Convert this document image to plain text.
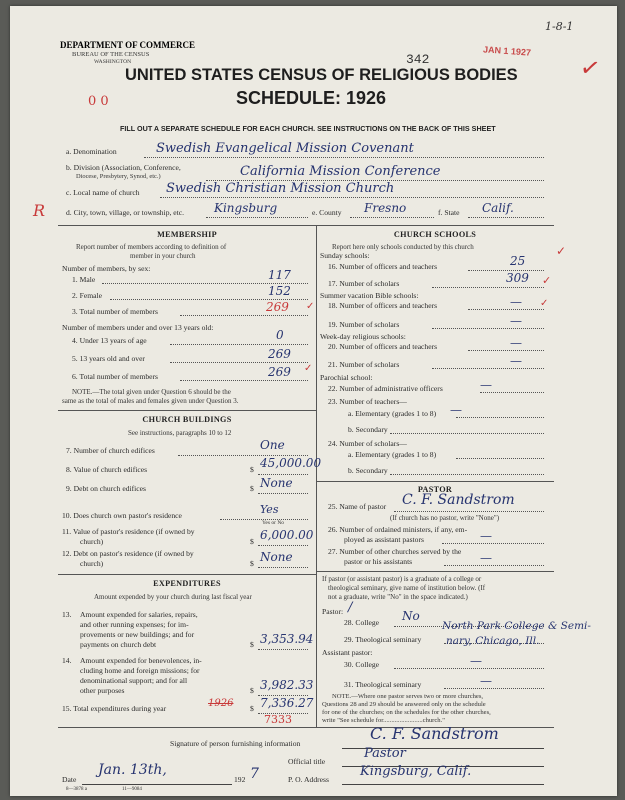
DEPARTMENT OF COMMERCE
BUREAU OF THE CENSUS
WASHINGTON	342
JAN 1 1927
1-8-1
✓
UNITED STATES CENSUS OF RELIGIOUS BODIES
SCHEDULE: 1926
0 0
FILL OUT A SEPARATE SCHEDULE FOR EACH CHURCH. SEE INSTRUCTIONS ON THE BACK OF THIS SHEET
a. Denomination	Swedish Evangelical Mission Covenant
b. Division (Association, Conference,
Diocese, Presbytery, Synod, etc.)	California Mission Conference
c. Local name of church Swedish Christian Mission Church
R	d. City, town, village, or township, etc. Kingsburg	e. County Fresno	f. State Calif.
MEMBERSHIP
Report number of members according to definition of
member in your church
Number of members, by sex:
1. Male	117
2. Female	152
3. Total number of members	269
Number of members under and over 13 years old:
4. Under 13 years of age	0
5. 13 years old and over	269
6. Total number of members	269
NOTE.—The total given under Question 6 should be the
same as the total of males and females given under Question 3.
CHURCH BUILDINGS
See instructions, paragraphs 10 to 12
7. Number of church edifices	One
8. Value of church edifices	$ 45,000.00
9. Debt on church edifices	$ None
10. Does church own pastor's residence	Yes
Yes or No
11. Value of pastor's residence (if owned by
church)	$ 6,000.00
12. Debt on pastor's residence (if owned by
church)	$ None
EXPENDITURES
Amount expended by your church during last fiscal year
13. Amount expended for salaries, repairs,
and other running expenses; for im-
provements or new buildings; and for
payments on church debt	$ 3,353.94
14. Amount expended for benevolences, in-
cluding home and foreign missions; for
denominational support; and for all
other purposes	$ 3,982.33
15. Total expenditures during year	1926 $ 7,336.27
7333
CHURCH SCHOOLS
Report here only schools conducted by this church
Sunday schools:
16. Number of officers and teachers	25
17. Number of scholars	309
Summer vacation Bible schools:
18. Number of officers and teachers	—
19. Number of scholars	—
Week-day religious schools:
20. Number of officers and teachers	—
21. Number of scholars	—
Parochial school:
22. Number of administrative officers	—
23. Number of teachers—
a. Elementary (grades 1 to 8) —
b. Secondary
24. Number of scholars—
a. Elementary (grades 1 to 8)
b. Secondary
PASTOR
25. Name of pastor C. F. Sandstrom
(If church has no pastor, write "None")
26. Number of ordained ministers, if any, em-
ployed as assistant pastors	—
27. Number of other churches served by the
pastor or his assistants	—
If pastor (or assistant pastor) is a graduate of a college or
theological seminary, give name of institution below. (If
not a graduate, write "No" in the space indicated.)
Pastor:
28. College No
/
29. Theological seminary
North Park College & Semi-
nary, Chicago, Ill.
Assistant pastor:
30. College	—
31. Theological seminary	—
NOTE.—Where one pastor serves two or more churches,
Questions 28 and 29 should be answered only on the schedule
for one of the churches; on the schedules for the other churches,
write "See schedule for........................church."
Signature of person furnishing information
C. F. Sandstrom
Official title
Pastor
Date
Jan. 13th,
192 7	P. O. Address
Kingsburg, Calif.
8—3878 a	11—9084
✓
✓
✓	✓
✓
